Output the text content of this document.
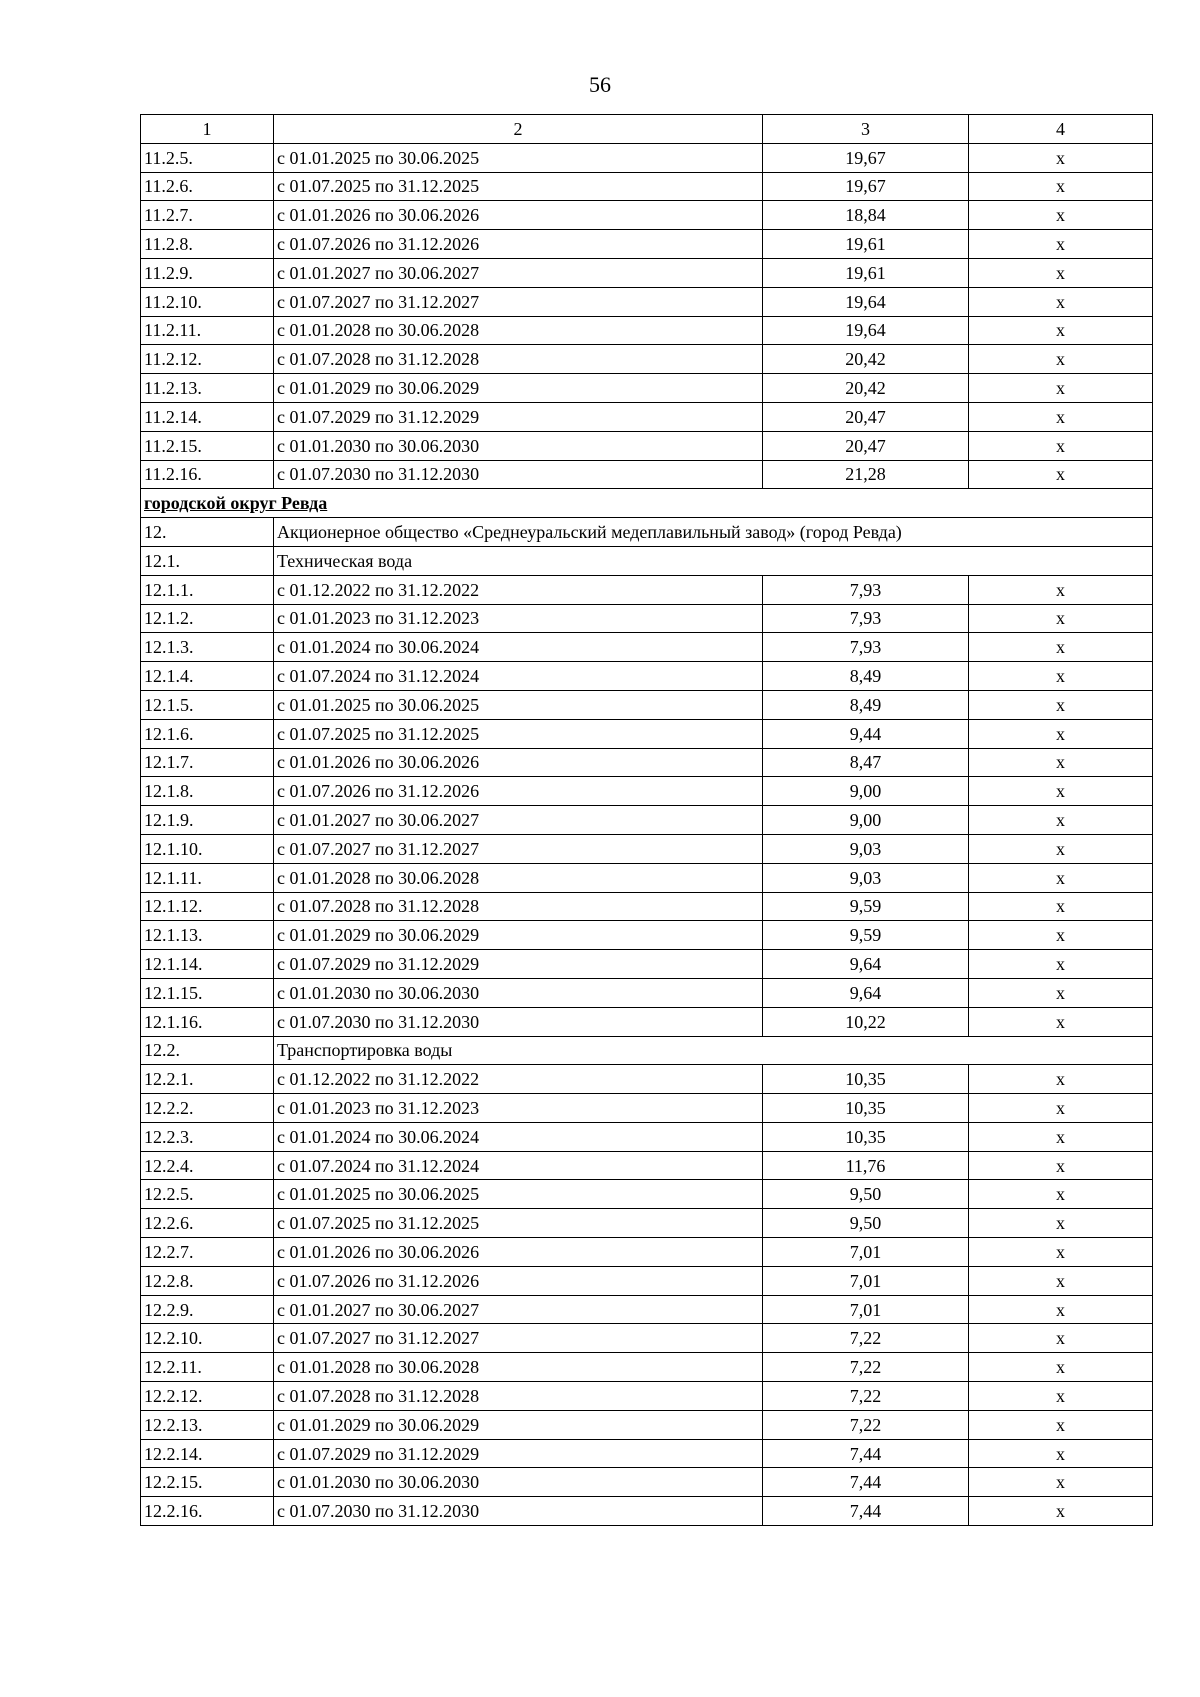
56
1	2	3	4
11.2.5.	с 01.01.2025 по 30.06.2025	19,67	х
11.2.6.	с 01.07.2025 по 31.12.2025	19,67	х
11.2.7.	с 01.01.2026 по 30.06.2026	18,84	х
11.2.8.	с 01.07.2026 по 31.12.2026	19,61	х
11.2.9.	с 01.01.2027 по 30.06.2027	19,61	х
11.2.10.	с 01.07.2027 по 31.12.2027	19,64	х
11.2.11.	с 01.01.2028 по 30.06.2028	19,64	х
11.2.12.	с 01.07.2028 по 31.12.2028	20,42	х
11.2.13.	с 01.01.2029 по 30.06.2029	20,42	х
11.2.14.	с 01.07.2029 по 31.12.2029	20,47	х
11.2.15.	с 01.01.2030 по 30.06.2030	20,47	х
11.2.16.	с 01.07.2030 по 31.12.2030	21,28	х
городской округ Ревда			
12.	Акционерное общество «Среднеуральский медеплавильный завод» (город Ревда)		
12.1.	Техническая вода		
12.1.1.	с 01.12.2022 по 31.12.2022	7,93	х
12.1.2.	с 01.01.2023 по 31.12.2023	7,93	х
12.1.3.	с 01.01.2024 по 30.06.2024	7,93	х
12.1.4.	с 01.07.2024 по 31.12.2024	8,49	х
12.1.5.	с 01.01.2025 по 30.06.2025	8,49	х
12.1.6.	с 01.07.2025 по 31.12.2025	9,44	х
12.1.7.	с 01.01.2026 по 30.06.2026	8,47	х
12.1.8.	с 01.07.2026 по 31.12.2026	9,00	х
12.1.9.	с 01.01.2027 по 30.06.2027	9,00	х
12.1.10.	с 01.07.2027 по 31.12.2027	9,03	х
12.1.11.	с 01.01.2028 по 30.06.2028	9,03	х
12.1.12.	с 01.07.2028 по 31.12.2028	9,59	х
12.1.13.	с 01.01.2029 по 30.06.2029	9,59	х
12.1.14.	с 01.07.2029 по 31.12.2029	9,64	х
12.1.15.	с 01.01.2030 по 30.06.2030	9,64	х
12.1.16.	с 01.07.2030 по 31.12.2030	10,22	х
12.2.	Транспортировка воды		
12.2.1.	с 01.12.2022 по 31.12.2022	10,35	х
12.2.2.	с 01.01.2023 по 31.12.2023	10,35	х
12.2.3.	с 01.01.2024 по 30.06.2024	10,35	х
12.2.4.	с 01.07.2024 по 31.12.2024	11,76	х
12.2.5.	с 01.01.2025 по 30.06.2025	9,50	х
12.2.6.	с 01.07.2025 по 31.12.2025	9,50	х
12.2.7.	с 01.01.2026 по 30.06.2026	7,01	х
12.2.8.	с 01.07.2026 по 31.12.2026	7,01	х
12.2.9.	с 01.01.2027 по 30.06.2027	7,01	х
12.2.10.	с 01.07.2027 по 31.12.2027	7,22	х
12.2.11.	с 01.01.2028 по 30.06.2028	7,22	х
12.2.12.	с 01.07.2028 по 31.12.2028	7,22	х
12.2.13.	с 01.01.2029 по 30.06.2029	7,22	х
12.2.14.	с 01.07.2029 по 31.12.2029	7,44	х
12.2.15.	с 01.01.2030 по 30.06.2030	7,44	х
12.2.16.	с 01.07.2030 по 31.12.2030	7,44	х
